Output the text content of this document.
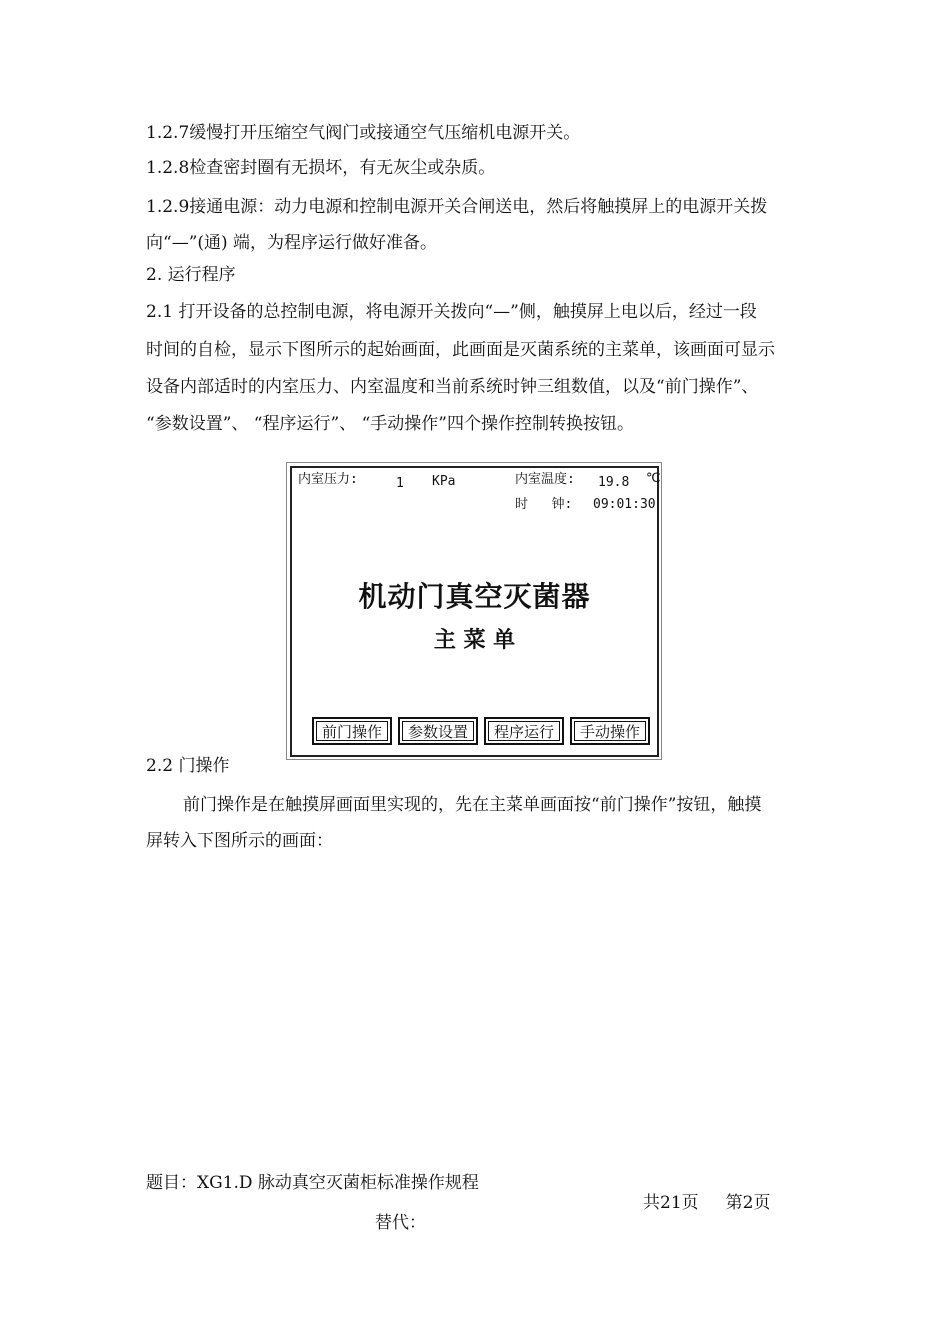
1.2.7缓慢打开压缩空气阀门或接通空气压缩机电源开关。
1.2.8检查密封圈有无损坏，有无灰尘或杂质。
1.2.9接通电源：动力电源和控制电源开关合闸送电，然后将触摸屏上的电源开关拨
向“—”(通) 端，为程序运行做好准备。
2. 运行程序
2.1 打开设备的总控制电源，将电源开关拨向“—”侧，触摸屏上电以后，经过一段
时间的自检，显示下图所示的起始画面，此画面是灭菌系统的主菜单，该画面可显示
设备内部适时的内室压力、内室温度和当前系统时钟三组数值，以及“前门操作”、
“参数设置”、 “程序运行”、 “手动操作”四个操作控制转换按钮。
内室压力:	1 KPa	内室温度: 19.8 ℃
时   钟: 09:01:30
机动门真空灭菌器
主 菜 单
前门操作	参数设置	程序运行	手动操作
2.2 门操作
前门操作是在触摸屏画面里实现的，先在主菜单画面按“前门操作”按钮，触摸
屏转入下图所示的画面：
题目：XG1.D 脉动真空灭菌柜标准操作规程
共21页     第2页
替代：
